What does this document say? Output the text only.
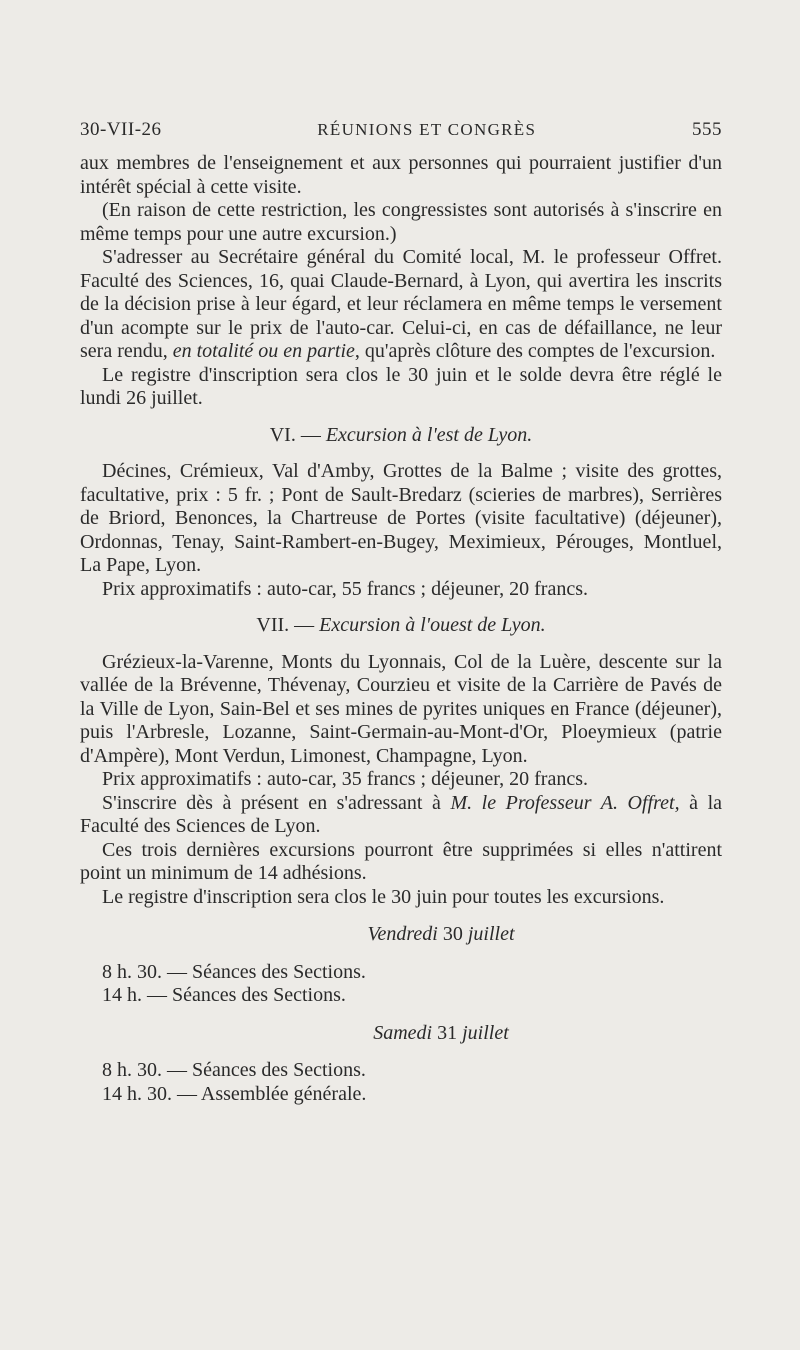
30-VII-26	RÉUNIONS ET CONGRÈS	555

aux membres de l'enseignement et aux personnes qui pourraient justifier d'un intérêt spécial à cette visite.

(En raison de cette restriction, les congressistes sont autorisés à s'inscrire en même temps pour une autre excursion.)

S'adresser au Secrétaire général du Comité local, M. le professeur Offret. Faculté des Sciences, 16, quai Claude-Bernard, à Lyon, qui avertira les inscrits de la décision prise à leur égard, et leur réclamera en même temps le versement d'un acompte sur le prix de l'auto-car. Celui-ci, en cas de défaillance, ne leur sera rendu, en totalité ou en partie, qu'après clôture des comptes de l'excursion.

Le registre d'inscription sera clos le 30 juin et le solde devra être réglé le lundi 26 juillet.

VI. — Excursion à l'est de Lyon.

Décines, Crémieux, Val d'Amby, Grottes de la Balme ; visite des grottes, facultative, prix : 5 fr. ; Pont de Sault-Bredarz (scieries de marbres), Serrières de Briord, Benonces, la Chartreuse de Portes (visite facultative) (déjeuner), Ordonnas, Tenay, Saint-Rambert-en-Bugey, Meximieux, Pérouges, Montluel, La Pape, Lyon.

Prix approximatifs : auto-car, 55 francs ; déjeuner, 20 francs.

VII. — Excursion à l'ouest de Lyon.

Grézieux-la-Varenne, Monts du Lyonnais, Col de la Luère, descente sur la vallée de la Brévenne, Thévenay, Courzieu et visite de la Carrière de Pavés de la Ville de Lyon, Sain-Bel et ses mines de pyrites uniques en France (déjeuner), puis l'Arbresle, Lozanne, Saint-Germain-au-Mont-d'Or, Ploeymieux (patrie d'Ampère), Mont Verdun, Limonest, Champagne, Lyon.

Prix approximatifs : auto-car, 35 francs ; déjeuner, 20 francs.

S'inscrire dès à présent en s'adressant à M. le Professeur A. Offret, à la Faculté des Sciences de Lyon.

Ces trois dernières excursions pourront être supprimées si elles n'attirent point un minimum de 14 adhésions.

Le registre d'inscription sera clos le 30 juin pour toutes les excursions.

Vendredi 30 juillet

8 h. 30. — Séances des Sections.

14 h. — Séances des Sections.

Samedi 31 juillet

8 h. 30. — Séances des Sections.

14 h. 30. — Assemblée générale.
